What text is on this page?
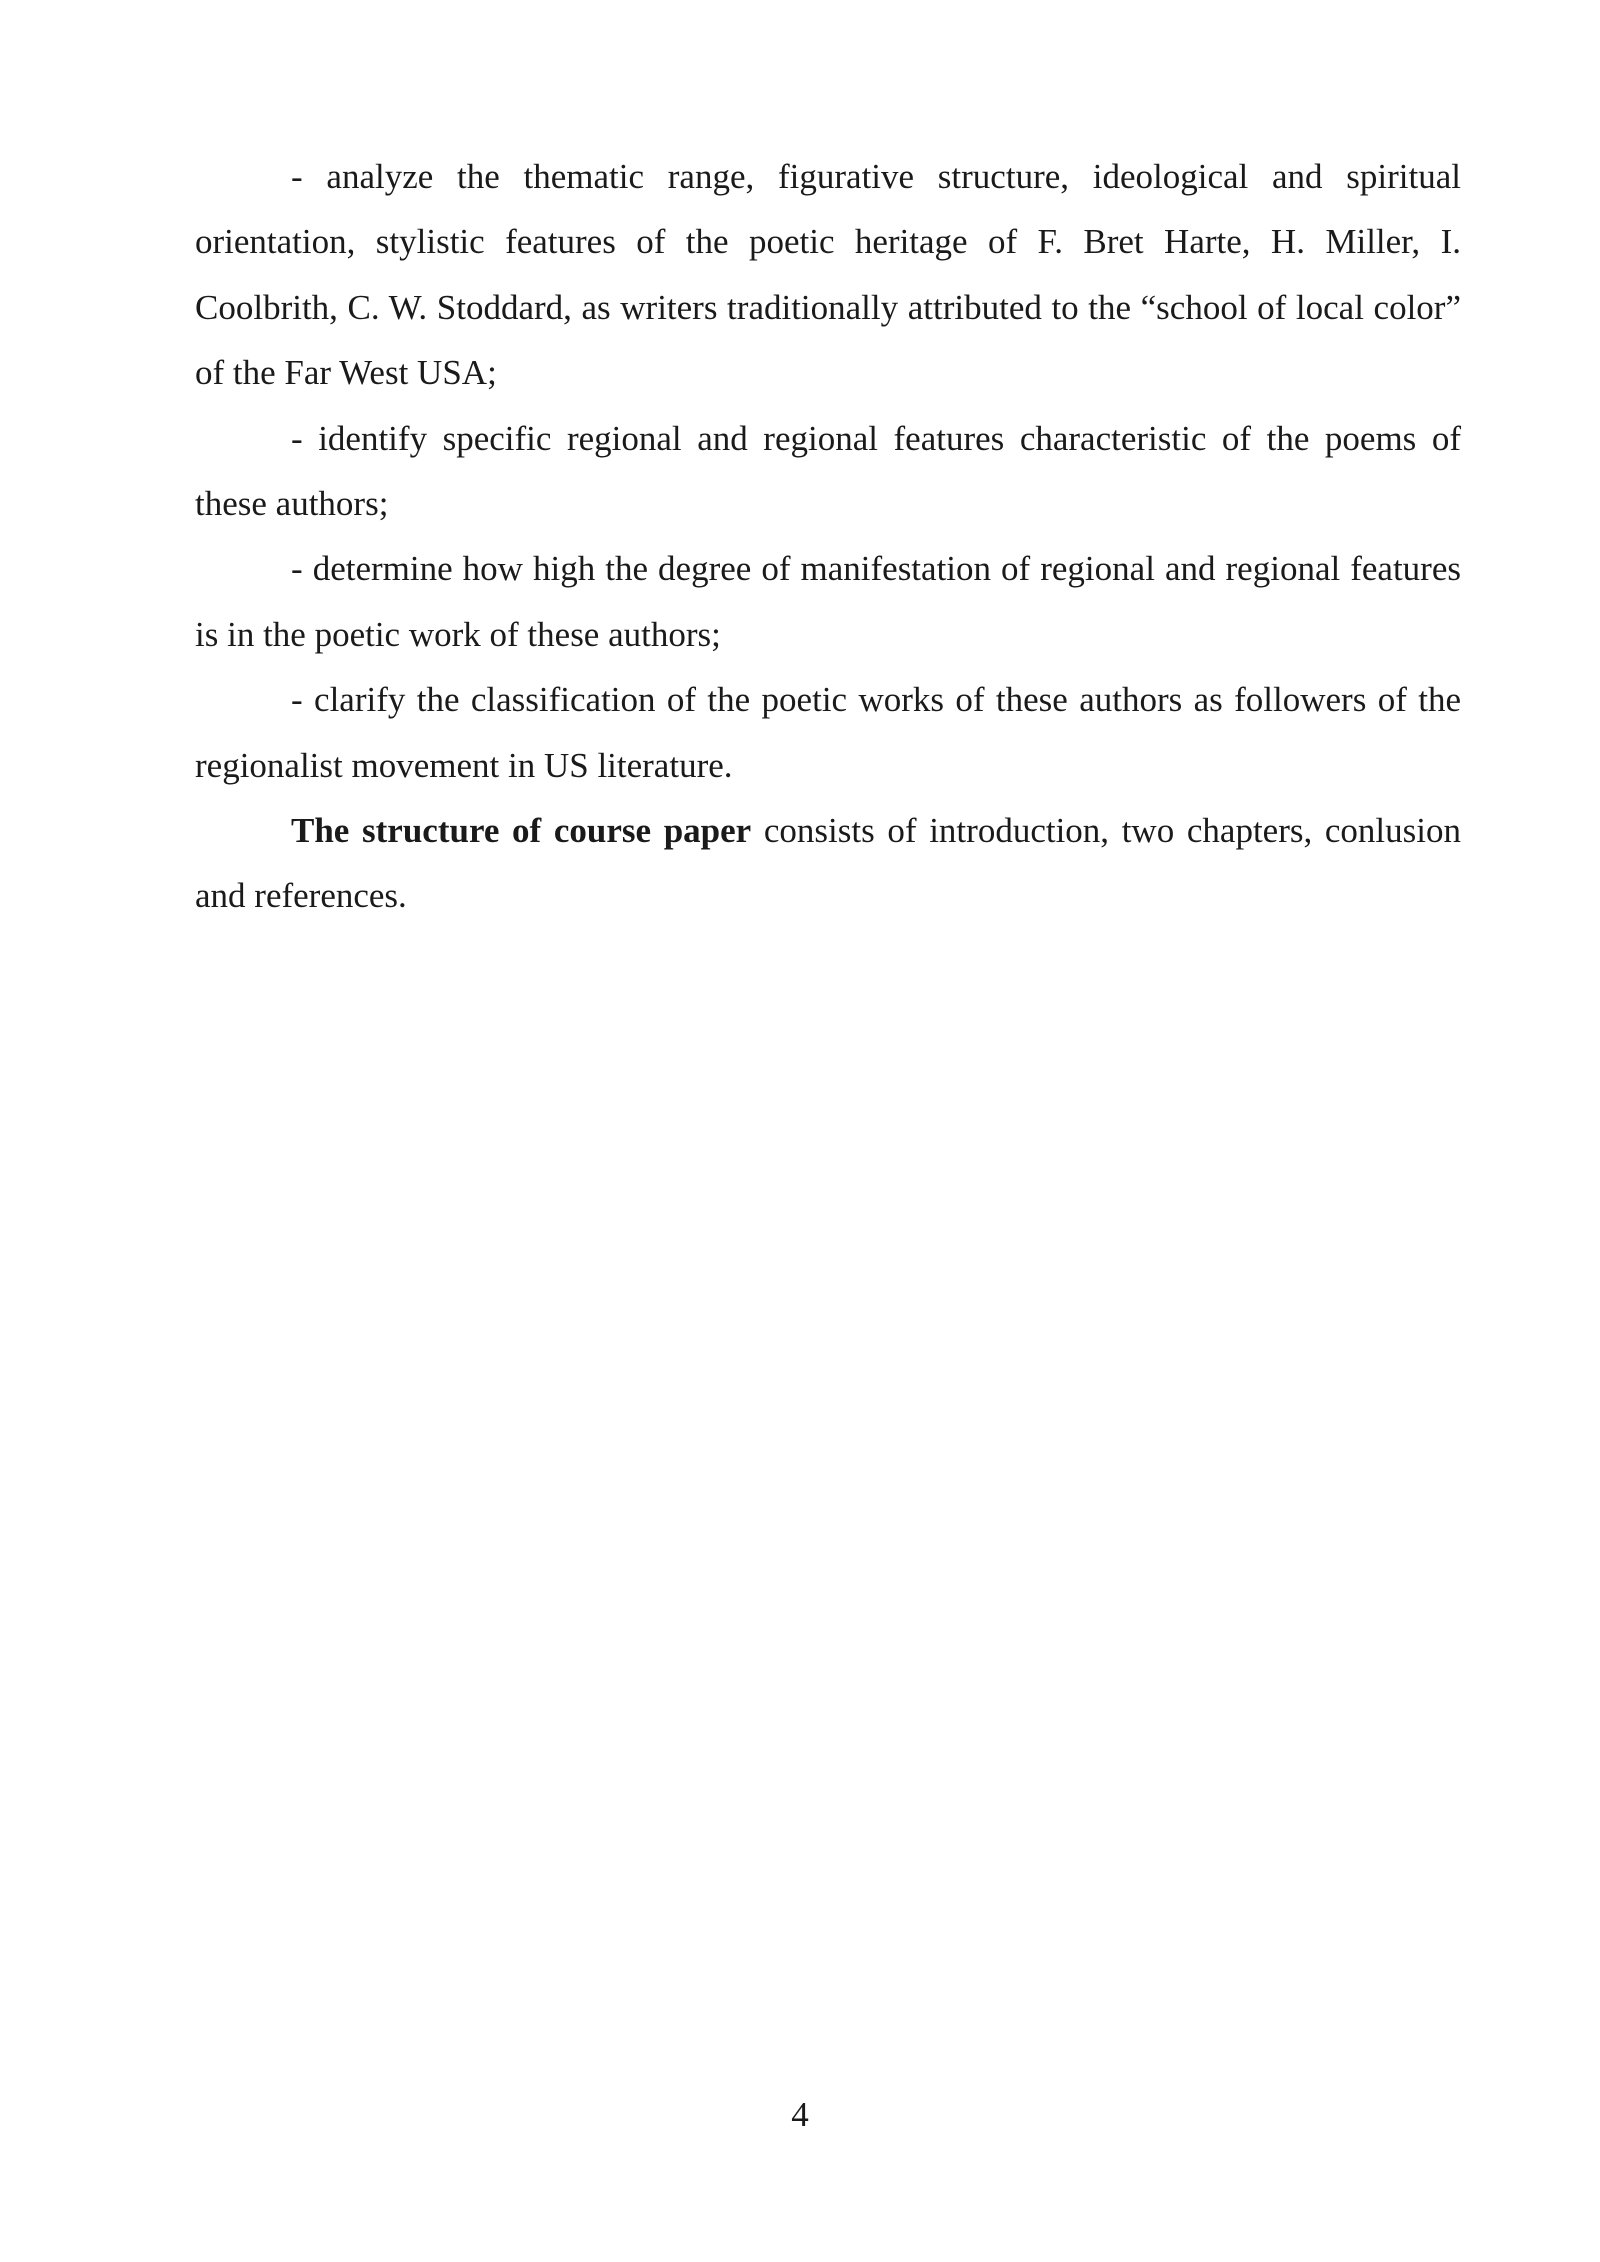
- analyze the thematic range, figurative structure, ideological and spiritual orientation, stylistic features of the poetic heritage of F. Bret Harte, H. Miller, I. Coolbrith, C. W. Stoddard, as writers traditionally attributed to the “school of local color” of the Far West USA;

- identify specific regional and regional features characteristic of the poems of these authors;

- determine how high the degree of manifestation of regional and regional features is in the poetic work of these authors;

- clarify the classification of the poetic works of these authors as followers of the regionalist movement in US literature.

The structure of course paper consists of introduction, two chapters, conlusion and references.

4
